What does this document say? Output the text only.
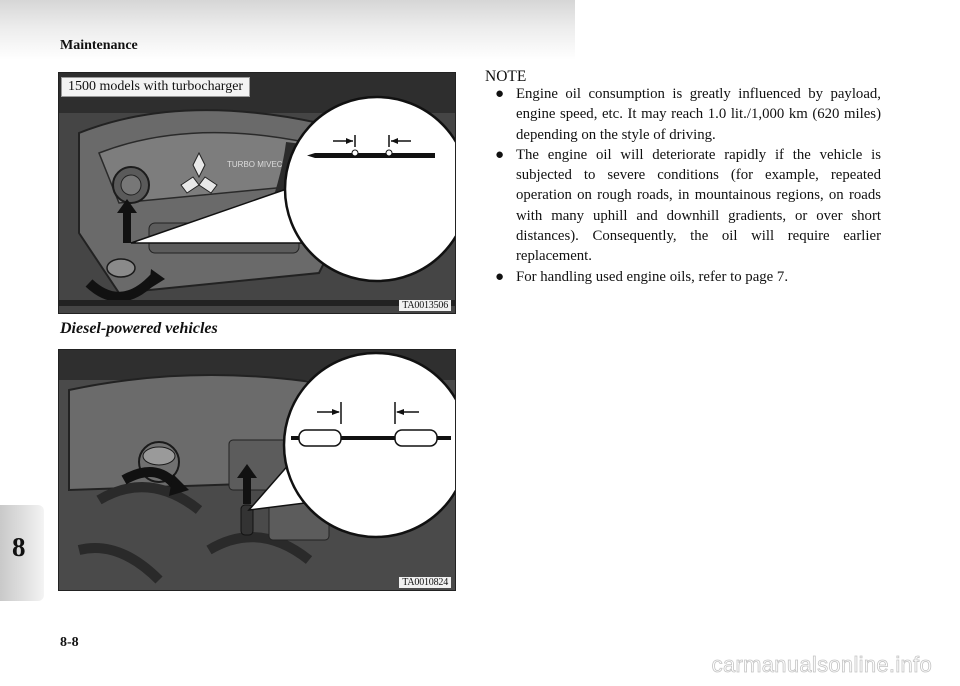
Maintenance
8
TURBO MIVEC
1500 models with turbocharger
TA0013506
Diesel-powered vehicles
TA0010824
NOTE
● Engine oil consumption is greatly influenced by payload, engine speed, etc. It may reach 1.0 lit./1,000 km (620 miles) depending on the style of driving.
● The engine oil will deteriorate rapidly if the vehicle is subjected to severe conditions (for example, repeated operation on rough roads, in mountainous regions, on roads with many uphill and downhill gradients, or over short distances). Consequently, the oil will require earlier replacement.
● For handling used engine oils, refer to page 7.
8-8
carmanualsonline.info
